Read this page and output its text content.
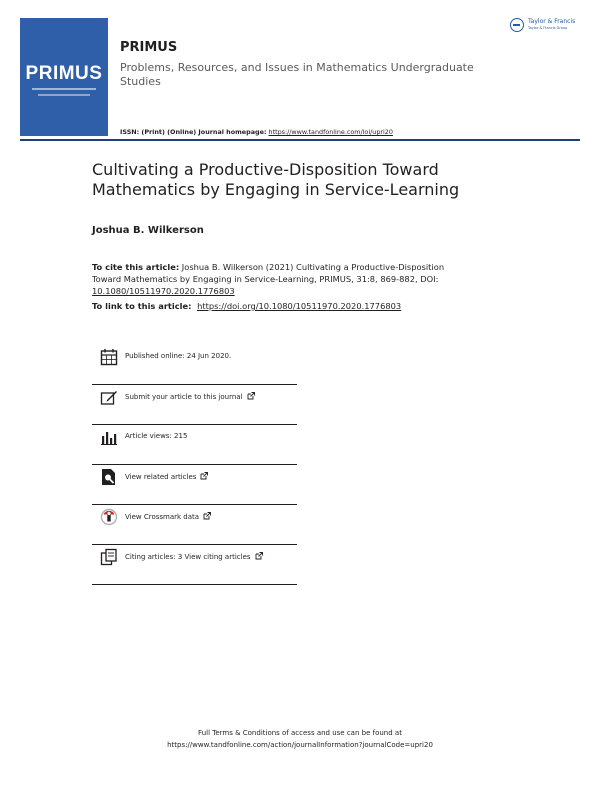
PRIMUS
PRIMUS
Problems, Resources, and Issues in Mathematics Undergraduate Studies
ISSN: (Print) (Online) Journal homepage: https://www.tandfonline.com/loi/upri20
Taylor & Francis
Taylor & Francis Group
Cultivating a Productive-Disposition Toward Mathematics by Engaging in Service-Learning
Joshua B. Wilkerson
To cite this article: Joshua B. Wilkerson (2021) Cultivating a Productive-Disposition Toward Mathematics by Engaging in Service-Learning, PRIMUS, 31:8, 869-882, DOI: 10.1080/10511970.2020.1776803
To link to this article: https://doi.org/10.1080/10511970.2020.1776803
Published online: 24 Jun 2020.
Submit your article to this journal
Article views: 215
View related articles
View Crossmark data
Citing articles: 3 View citing articles
Full Terms & Conditions of access and use can be found at
https://www.tandfonline.com/action/journalInformation?journalCode=upri20
